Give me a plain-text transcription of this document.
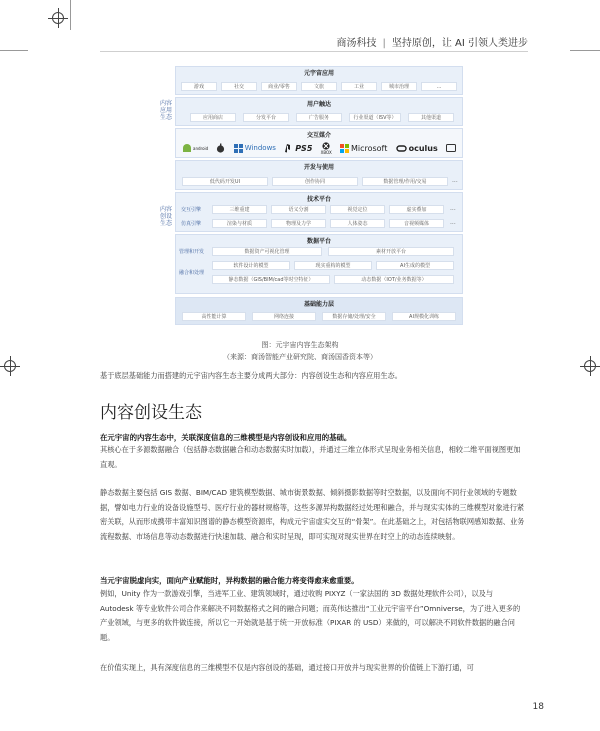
商汤科技 | 坚持原创，让 AI 引领人类进步
内容应用生态
内容创设生态
元宇宙应用
游戏	社交	商业/零售	文旅	工业	城市治理	...
用户触达
应用商店	分发平台	广告服务	行业渠道（ISV等）	其他渠道
交互媒介
android	Windows PS5 XBOX Microsoft	oculus
开发与使用
低代码开发UI	创作协同	数据管理/作用/交易	...
技术平台
交互引擎	三维重建	语义分割	视觉定位	虚实叠加	...
仿真引擎	渲染与材质	物理及力学	人体姿态	音视频媒体	...
数据平台
管理和开发	数据资产可视化管理	素材开放平台
融合和处理
软件设计的模型	现实重构的模型	AI生成的模型
静态数据（GIS/BIM/cad等时空特征）	动态数据（IOT/业务数据等）
基础能力层
高性能计算	网络连接	数据存储/处理/安全	AI规模化训练
图：元宇宙内容生态架构
（来源：商汤智能产业研究院、商汤国香资本等）

基于底层基础能力而搭建的元宇宙内容生态主要分成两大部分：内容创设生态和内容应用生态。

内容创设生态

在元宇宙的内容生态中，关联深度信息的三维模型是内容创设和应用的基础。

其核心在于多源数据融合（包括静态数据融合和动态数据实时加载），并通过三维立体形式呈现业务相关信息，相较二维平面视图更加直观。

静态数据主要包括 GIS 数据、BIM/CAD 建筑模型数据、城市街景数据、倾斜摄影数据等时空数据，以及面向不同行业领域的专题数据，譬如电力行业的设备设施型号、医疗行业的器材规格等，这些多源异构数据经过处理和融合，并与现实实体的三维模型对象进行紧密关联，从而形成携带丰富知识图谱的静态模型资源库，构成元宇宙虚实交互的“骨架”。在此基础之上，对包括物联网感知数据、业务流程数据、市场信息等动态数据进行快速加载、融合和实时呈现，即可实现对现实世界在时空上的动态连续映射。

当元宇宙脱虚向实，面向产业赋能时，异构数据的融合能力将变得愈来愈重要。

例如，Unity 作为一款游戏引擎，当进军工业、建筑领域时，通过收购 PIXYZ（一家法国的 3D 数据处理软件公司），以及与 Autodesk 等专业软件公司合作来解决不同数据格式之间的融合问题；而英伟达推出“工业元宇宙平台”Omniverse，为了进入更多的产业领域，与更多的软件做连接，所以它一开始就是基于统一开放标准（PIXAR 的 USD）来做的，可以解决不同软件数据的融合问题。

在价值实现上，具有深度信息的三维模型不仅是内容创设的基础，通过接口开放并与现实世界的价值链上下游打通，可

18
